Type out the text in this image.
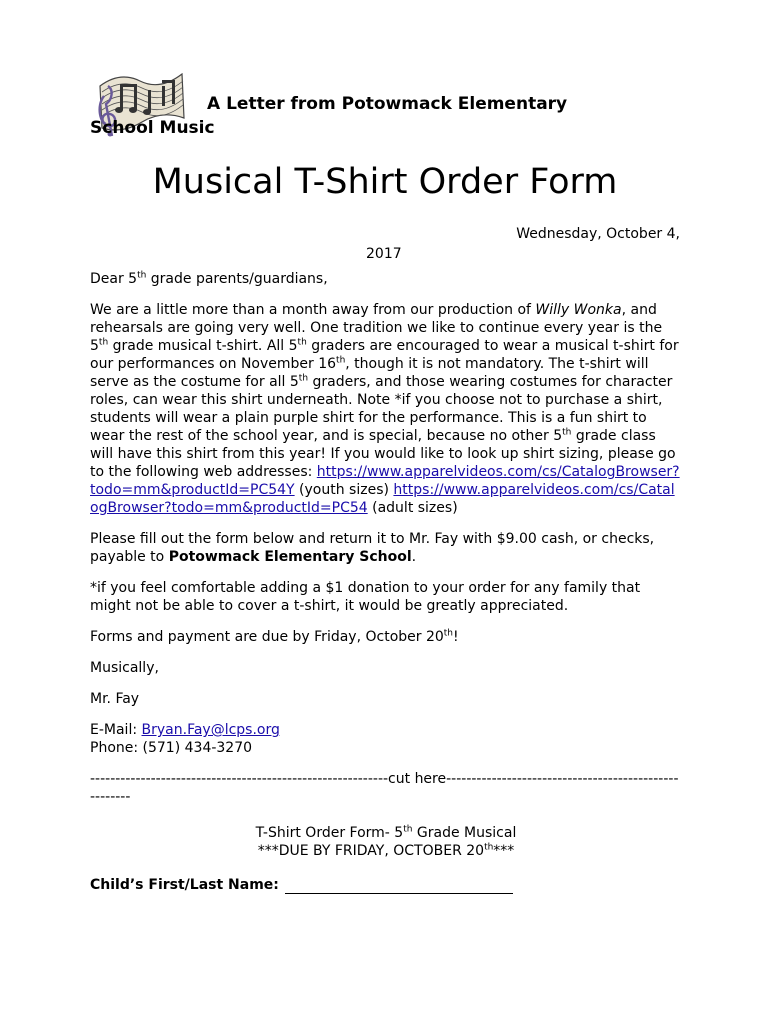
A Letter from Potowmack Elementary
School Music
Musical T-Shirt Order Form
Wednesday, October 4,
2017

Dear 5th grade parents/guardians,

We are a little more than a month away from our production of Willy Wonka, and rehearsals are going very well. One tradition we like to continue every year is the 5th grade musical t-shirt. All 5th graders are encouraged to wear a musical t-shirt for our performances on November 16th, though it is not mandatory. The t-shirt will serve as the costume for all 5th graders, and those wearing costumes for character roles, can wear this shirt underneath. Note *if you choose not to purchase a shirt, students will wear a plain purple shirt for the performance. This is a fun shirt to wear the rest of the school year, and is special, because no other 5th grade class will have this shirt from this year! If you would like to look up shirt sizing, please go to the following web addresses: https://www.apparelvideos.com/cs/CatalogBrowser?todo=mm&productId=PC54Y (youth sizes) https://www.apparelvideos.com/cs/CatalogBrowser?todo=mm&productId=PC54 (adult sizes)

Please fill out the form below and return it to Mr. Fay with $9.00 cash, or checks, payable to Potowmack Elementary School.

*if you feel comfortable adding a $1 donation to your order for any family that might not be able to cover a t-shirt, it would be greatly appreciated.

Forms and payment are due by Friday, October 20th!

Musically,

Mr. Fay

E-Mail: Bryan.Fay@lcps.org
Phone: (571) 434-3270

-----------------------------------------------------------cut here------------------------------------------------------

T-Shirt Order Form- 5th Grade Musical
***DUE BY FRIDAY, OCTOBER 20th***
Child’s First/Last Name:
